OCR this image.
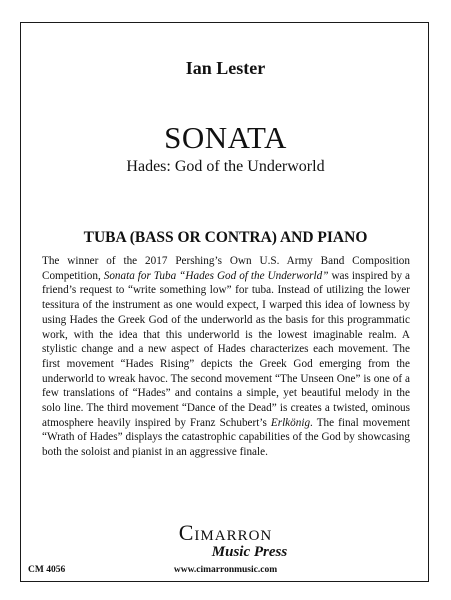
Ian Lester
SONATA
Hades: God of the Underworld
TUBA (BASS OR CONTRA) AND PIANO

The winner of the 2017 Pershing’s Own U.S. Army Band Composition Competition, Sonata for Tuba “Hades God of the Underworld” was inspired by a friend’s request to “write something low” for tuba. Instead of utilizing the lower tessitura of the instrument as one would expect, I warped this idea of lowness by using Hades the Greek God of the underworld as the basis for this programmatic work, with the idea that this underworld is the lowest imaginable realm. A stylistic change and a new aspect of Hades characterizes each movement. The first movement “Hades Rising” depicts the Greek God emerging from the underworld to wreak havoc. The second movement “The Unseen One” is one of a few translations of “Hades” and contains a simple, yet beautiful melody in the solo line. The third movement “Dance of the Dead” is creates a twisted, ominous atmosphere heavily inspired by Franz Schubert’s Erlkönig. The final movement “Wrath of Hades” displays the catastrophic capabilities of the God by showcasing both the soloist and pianist in an aggressive finale.

Cimarron
Music Press
CM 4056	www.cimarronmusic.com
